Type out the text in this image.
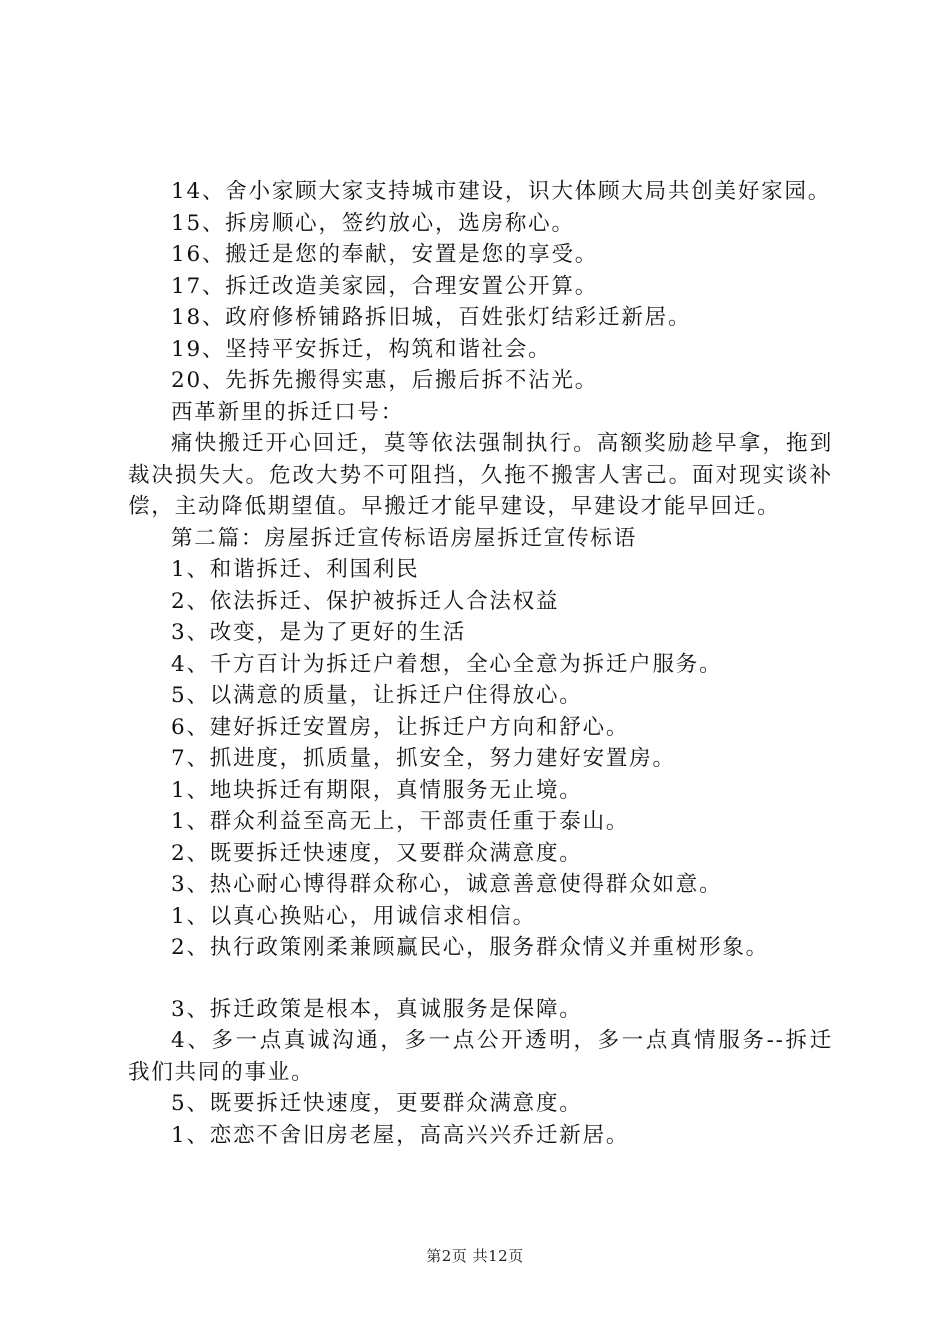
14、舍小家顾大家支持城市建设，识大体顾大局共创美好家园。

15、拆房顺心，签约放心，选房称心。

16、搬迁是您的奉献，安置是您的享受。

17、拆迁改造美家园，合理安置公开算。

18、政府修桥铺路拆旧城，百姓张灯结彩迁新居。

19、坚持平安拆迁，构筑和谐社会。

20、先拆先搬得实惠，后搬后拆不沾光。

西革新里的拆迁口号：

痛快搬迁开心回迁，莫等依法强制执行。高额奖励趁早拿，拖到裁决损失大。危改大势不可阻挡，久拖不搬害人害己。面对现实谈补偿，主动降低期望值。早搬迁才能早建设，早建设才能早回迁。

第二篇：房屋拆迁宣传标语房屋拆迁宣传标语

1、和谐拆迁、利国利民

2、依法拆迁、保护被拆迁人合法权益

3、改变，是为了更好的生活

4、千方百计为拆迁户着想，全心全意为拆迁户服务。

5、以满意的质量，让拆迁户住得放心。

6、建好拆迁安置房，让拆迁户方向和舒心。

7、抓进度，抓质量，抓安全，努力建好安置房。

1、地块拆迁有期限，真情服务无止境。

1、群众利益至高无上，干部责任重于泰山。

2、既要拆迁快速度，又要群众满意度。

3、热心耐心博得群众称心，诚意善意使得群众如意。

1、以真心换贴心，用诚信求相信。

2、执行政策刚柔兼顾赢民心，服务群众情义并重树形象。

3、拆迁政策是根本，真诚服务是保障。

4、多一点真诚沟通，多一点公开透明，多一点真情服务--拆迁我们共同的事业。

5、既要拆迁快速度，更要群众满意度。

1、恋恋不舍旧房老屋，高高兴兴乔迁新居。

第2页 共12页
